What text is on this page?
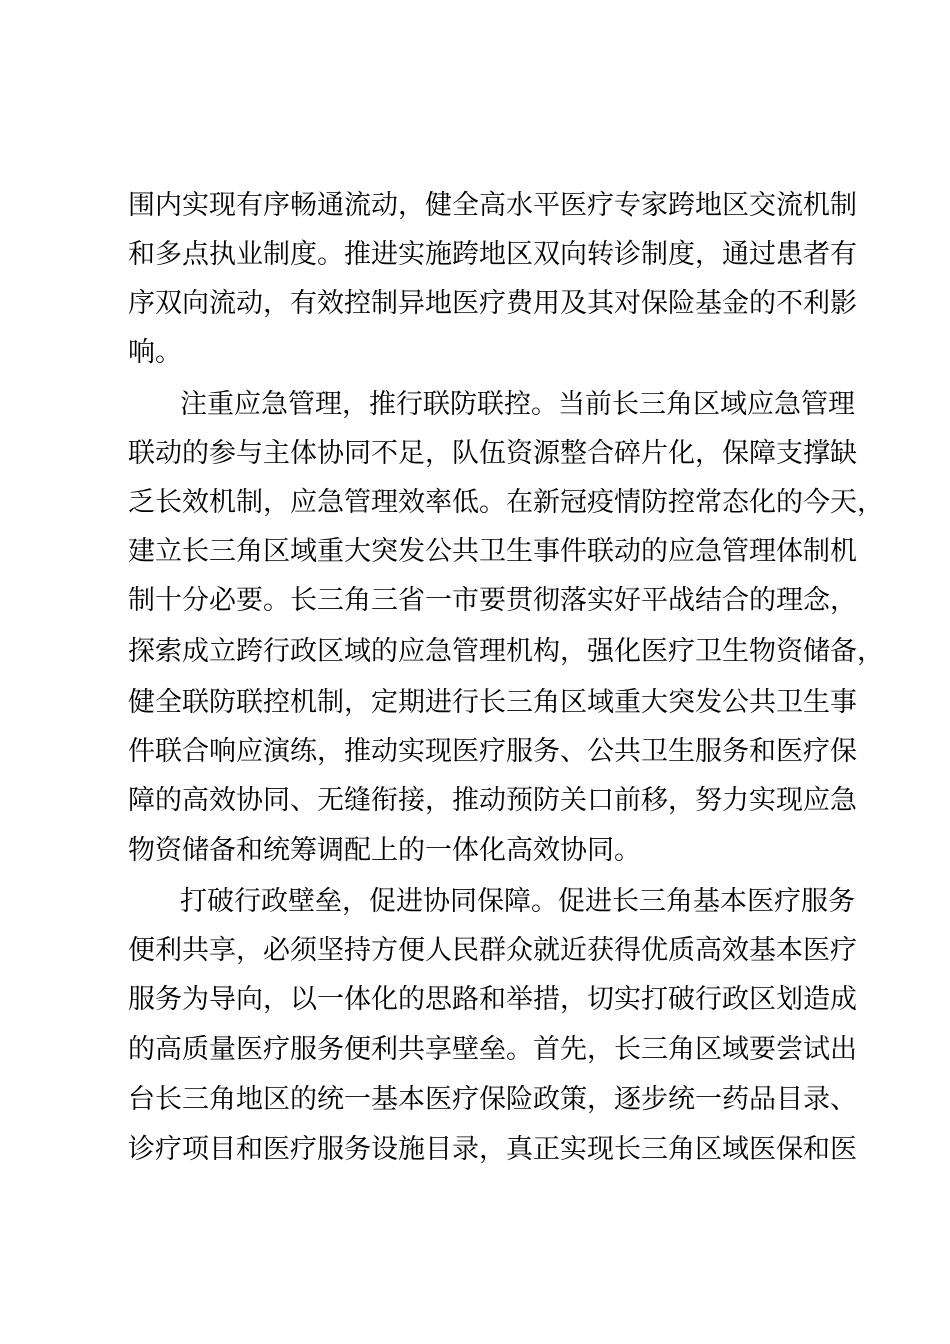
围内实现有序畅通流动，健全高水平医疗专家跨地区交流机制
和多点执业制度。推进实施跨地区双向转诊制度，通过患者有
序双向流动，有效控制异地医疗费用及其对保险基金的不利影
响。
注重应急管理，推行联防联控。当前长三角区域应急管理
联动的参与主体协同不足，队伍资源整合碎片化，保障支撑缺
乏长效机制，应急管理效率低。在新冠疫情防控常态化的今天，
建立长三角区域重大突发公共卫生事件联动的应急管理体制机
制十分必要。长三角三省一市要贯彻落实好平战结合的理念，
探索成立跨行政区域的应急管理机构，强化医疗卫生物资储备，
健全联防联控机制，定期进行长三角区域重大突发公共卫生事
件联合响应演练，推动实现医疗服务、公共卫生服务和医疗保
障的高效协同、无缝衔接，推动预防关口前移，努力实现应急
物资储备和统筹调配上的一体化高效协同。
打破行政壁垒，促进协同保障。促进长三角基本医疗服务
便利共享，必须坚持方便人民群众就近获得优质高效基本医疗
服务为导向，以一体化的思路和举措，切实打破行政区划造成
的高质量医疗服务便利共享壁垒。首先，长三角区域要尝试出
台长三角地区的统一基本医疗保险政策，逐步统一药品目录、
诊疗项目和医疗服务设施目录，真正实现长三角区域医保和医
